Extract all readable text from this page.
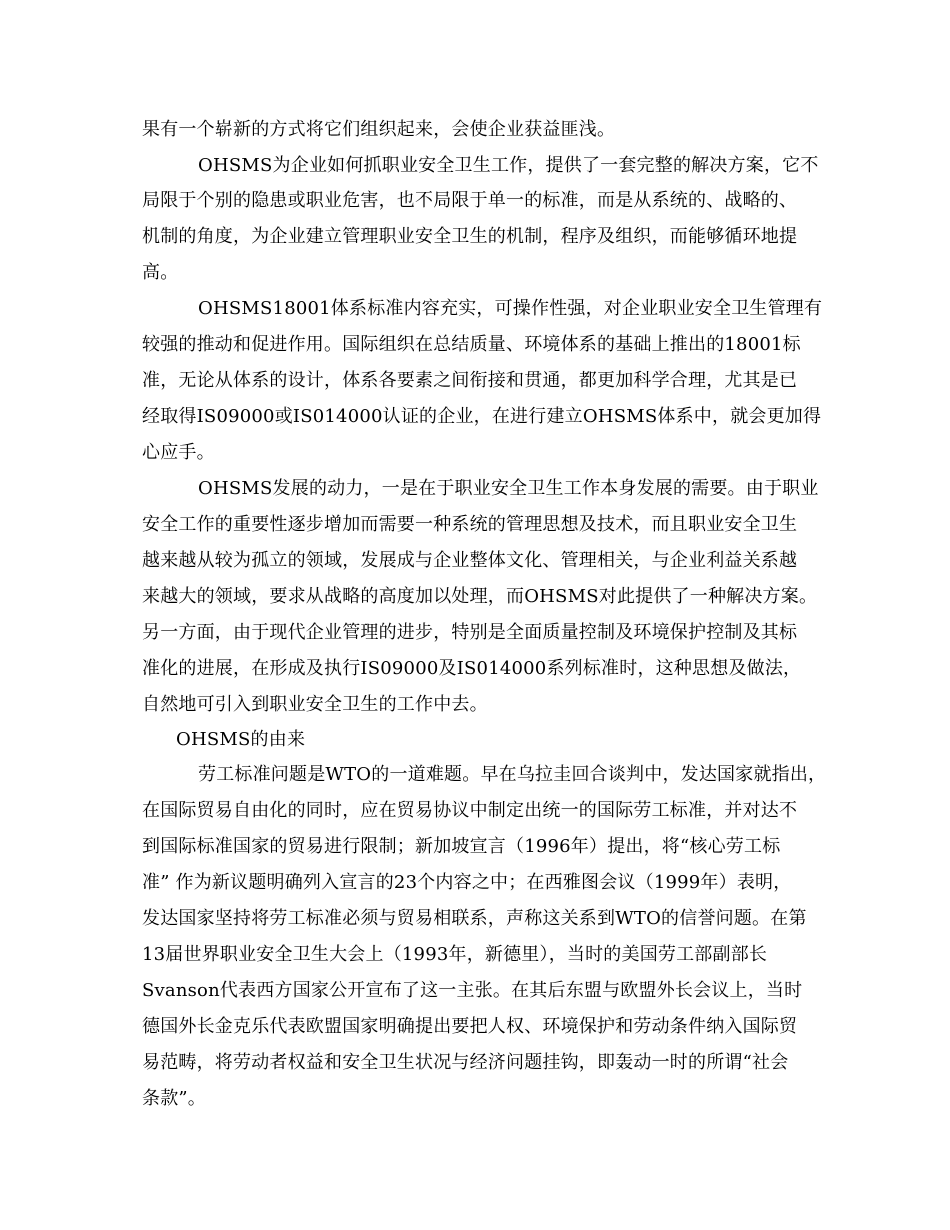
果有一个崭新的方式将它们组织起来，会使企业获益匪浅。
OHSMS为企业如何抓职业安全卫生工作，提供了一套完整的解决方案，它不
局限于个别的隐患或职业危害，也不局限于单一的标准，而是从系统的、战略的、
机制的角度，为企业建立管理职业安全卫生的机制，程序及组织，而能够循环地提
高。
OHSMS18001体系标准内容充实，可操作性强，对企业职业安全卫生管理有
较强的推动和促进作用。国际组织在总结质量、环境体系的基础上推出的18001标
准，无论从体系的设计，体系各要素之间衔接和贯通，都更加科学合理，尤其是已
经取得IS09000或IS014000认证的企业，在进行建立OHSMS体系中，就会更加得
心应手。
OHSMS发展的动力，一是在于职业安全卫生工作本身发展的需要。由于职业
安全工作的重要性逐步增加而需要一种系统的管理思想及技术，而且职业安全卫生
越来越从较为孤立的领域，发展成与企业整体文化、管理相关，与企业利益关系越
来越大的领域，要求从战略的高度加以处理，而OHSMS对此提供了一种解决方案。
另一方面，由于现代企业管理的进步，特别是全面质量控制及环境保护控制及其标
准化的进展，在形成及执行IS09000及IS014000系列标准时，这种思想及做法，
自然地可引入到职业安全卫生的工作中去。
OHSMS的由来
劳工标准问题是WTO的一道难题。早在乌拉圭回合谈判中，发达国家就指出，
在国际贸易自由化的同时，应在贸易协议中制定出统一的国际劳工标准，并对达不
到国际标准国家的贸易进行限制；新加坡宣言（1996年）提出，将“核心劳工标
准” 作为新议题明确列入宣言的23个内容之中；在西雅图会议（1999年）表明，
发达国家坚持将劳工标准必须与贸易相联系，声称这关系到WTO的信誉问题。在第
13届世界职业安全卫生大会上（1993年，新德里），当时的美国劳工部副部长
Svanson代表西方国家公开宣布了这一主张。在其后东盟与欧盟外长会议上，当时
德国外长金克乐代表欧盟国家明确提出要把人权、环境保护和劳动条件纳入国际贸
易范畴，将劳动者权益和安全卫生状况与经济问题挂钩，即轰动一时的所谓“社会
条款”。
